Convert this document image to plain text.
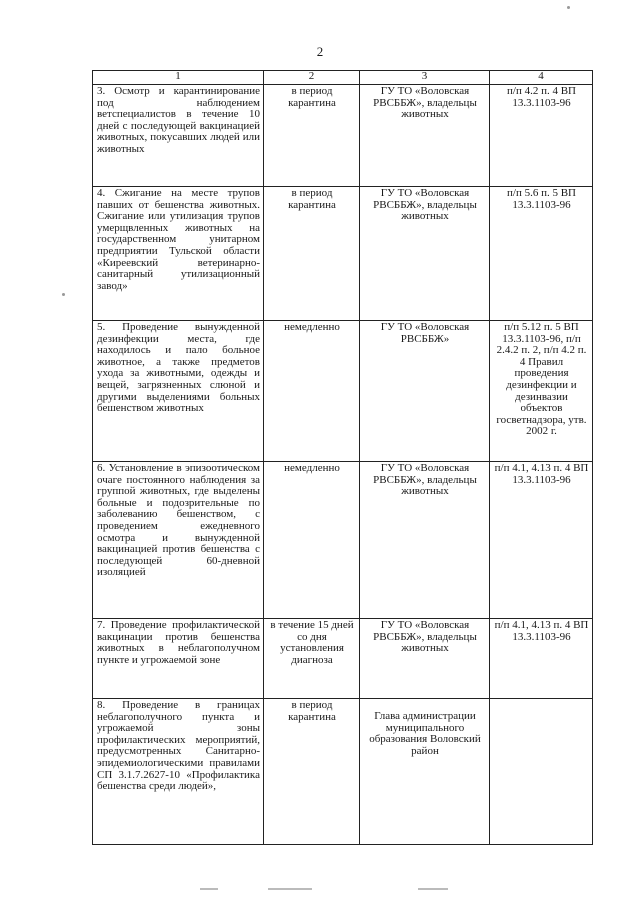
2
1	2	3	4
3. Осмотр и карантинирование под наблюдением ветспециалистов в течение 10 дней с последующей вакцинацией животных, покусавших людей или животных	в период карантина	ГУ ТО «Воловская РВСББЖ», владельцы животных	п/п 4.2 п. 4 ВП 13.3.1103-96
4. Сжигание на месте трупов павших от бешенства животных. Сжигание или утилизация трупов умерщвленных животных на государственном унитарном предприятии Тульской области «Киреевский ветеринарно-санитарный утилизационный завод»	в период карантина	ГУ ТО «Воловская РВСББЖ», владельцы животных	п/п 5.6 п. 5 ВП 13.3.1103-96
5. Проведение вынужденной дезинфекции места, где находилось и пало больное животное, а также предметов ухода за животными, одежды и вещей, загрязненных слюной и другими выделениями больных бешенством животных	немедленно	ГУ ТО «Воловская РВСББЖ»	п/п 5.12 п. 5 ВП 13.3.1103-96, п/п 2.4.2 п. 2, п/п 4.2 п. 4 Правил проведения дезинфекции и дезинвазии объектов госветнадзора, утв. 2002 г.
6. Установление в эпизоотическом очаге постоянного наблюдения за группой животных, где выделены больные и подозрительные по заболеванию бешенством, с проведением ежедневного осмотра и вынужденной вакцинацией против бешенства с последующей 60-дневной изоляцией	немедленно	ГУ ТО «Воловская РВСББЖ», владельцы животных	п/п 4.1, 4.13 п. 4 ВП 13.3.1103-96
7. Проведение профилактической вакцинации против бешенства животных в неблагополучном пункте и угрожаемой зоне	в течение 15 дней со дня установления диагноза	ГУ ТО «Воловская РВСББЖ», владельцы животных	п/п 4.1, 4.13 п. 4 ВП 13.3.1103-96
8. Проведение в границах неблагополучного пункта и угрожаемой зоны профилактических мероприятий, предусмотренных Санитарно-эпидемиологическими правилами СП 3.1.7.2627-10 «Профилактика бешенства среди людей»,	в период карантина	Глава администрации муниципального образования Воловский район	
